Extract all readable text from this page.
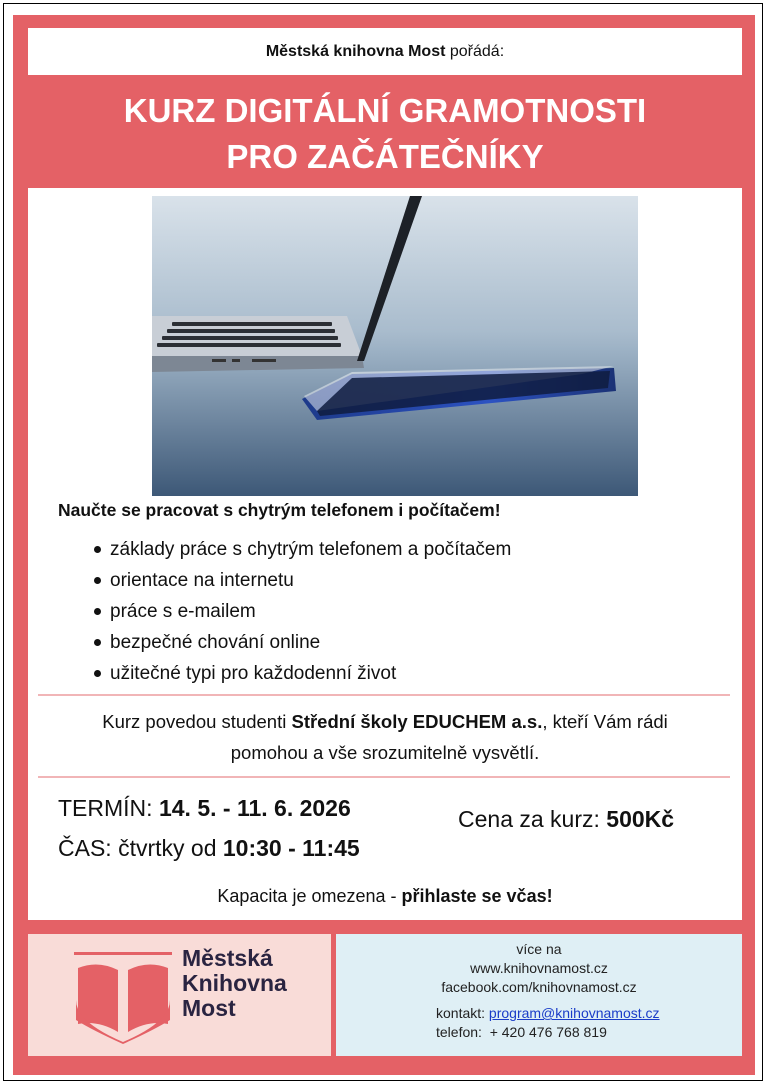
Městská knihovna Most pořádá:
KURZ DIGITÁLNÍ GRAMOTNOSTI
PRO ZAČÁTEČNÍKY
Naučte se pracovat s chytrým telefonem i počítačem!
základy práce s chytrým telefonem a počítačem
orientace na internetu
práce s e-mailem
bezpečné chování online
užitečné typi pro každodenní život
Kurz povedou studenti Střední školy EDUCHEM a.s., kteří Vám rádi
pomohou a vše srozumitelně vysvětlí.
TERMÍN: 14. 5. - 11. 6. 2026
ČAS: čtvrtky od 10:30 - 11:45
Cena za kurz: 500Kč
Kapacita je omezena - přihlaste se včas!
Městská
Knihovna
Most
více na
www.knihovnamost.cz
facebook.com/knihovnamost.cz
kontakt: program@knihovnamost.cz
telefon:  + 420 476 768 819
